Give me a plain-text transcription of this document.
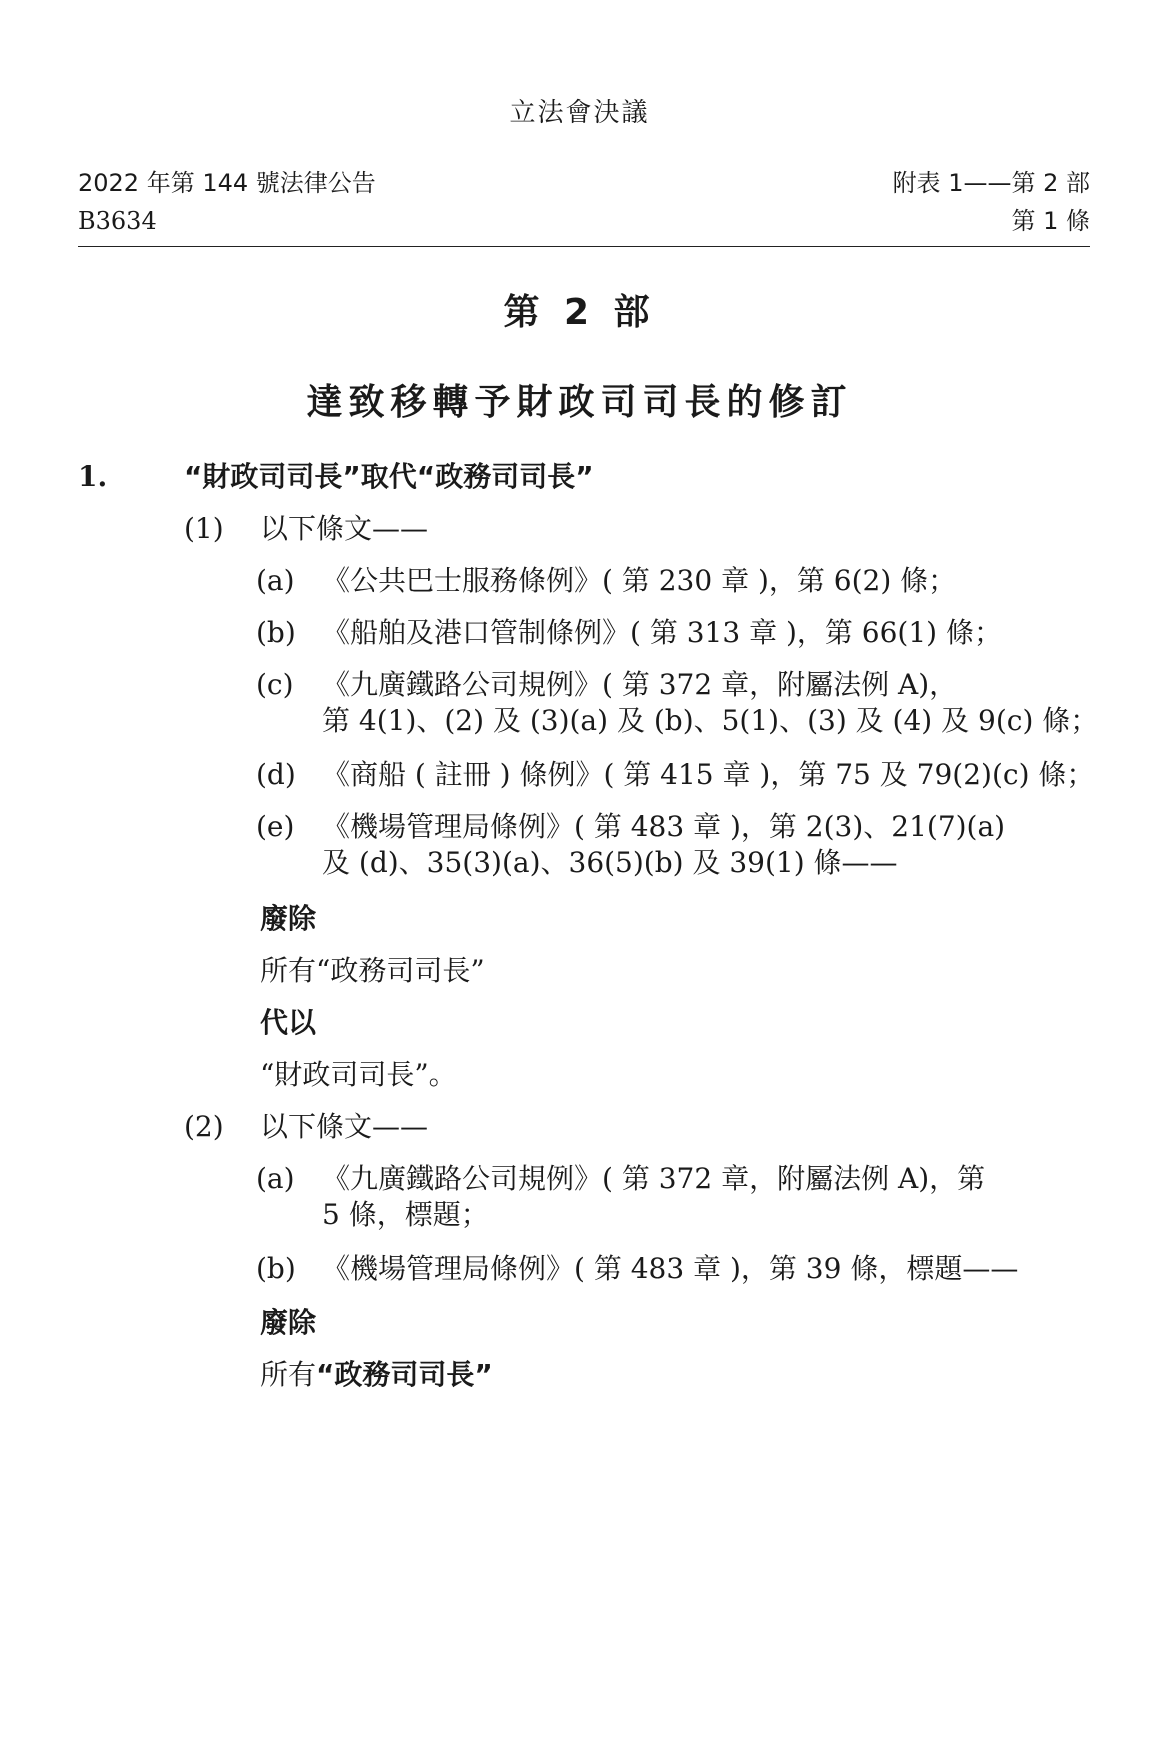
立法會決議
2022 年第 144 號法律公告
B3634
附表 1——第 2 部
第 1 條
第 2 部
達致移轉予財政司司長的修訂
1.	“財政司司長”取代“政務司司長”
(1) 以下條文——
(a) 《公共巴士服務條例》( 第 230 章 )，第 6(2) 條；
(b) 《船舶及港口管制條例》( 第 313 章 )，第 66(1) 條；
(c) 《九廣鐵路公司規例》( 第 372 章，附屬法例 A)，
第 4(1)、(2) 及 (3)(a) 及 (b)、5(1)、(3) 及 (4) 及 9(c) 條；
(d) 《商船 ( 註冊 ) 條例》( 第 415 章 )，第 75 及 79(2)(c) 條；
(e) 《機場管理局條例》( 第 483 章 )，第 2(3)、21(7)(a)
及 (d)、35(3)(a)、36(5)(b) 及 39(1) 條——
廢除
所有“政務司司長”
代以
“財政司司長”。
(2) 以下條文——
(a) 《九廣鐵路公司規例》( 第 372 章，附屬法例 A)，第
5 條，標題；
(b) 《機場管理局條例》( 第 483 章 )，第 39 條，標題——
廢除
所有“政務司司長”
